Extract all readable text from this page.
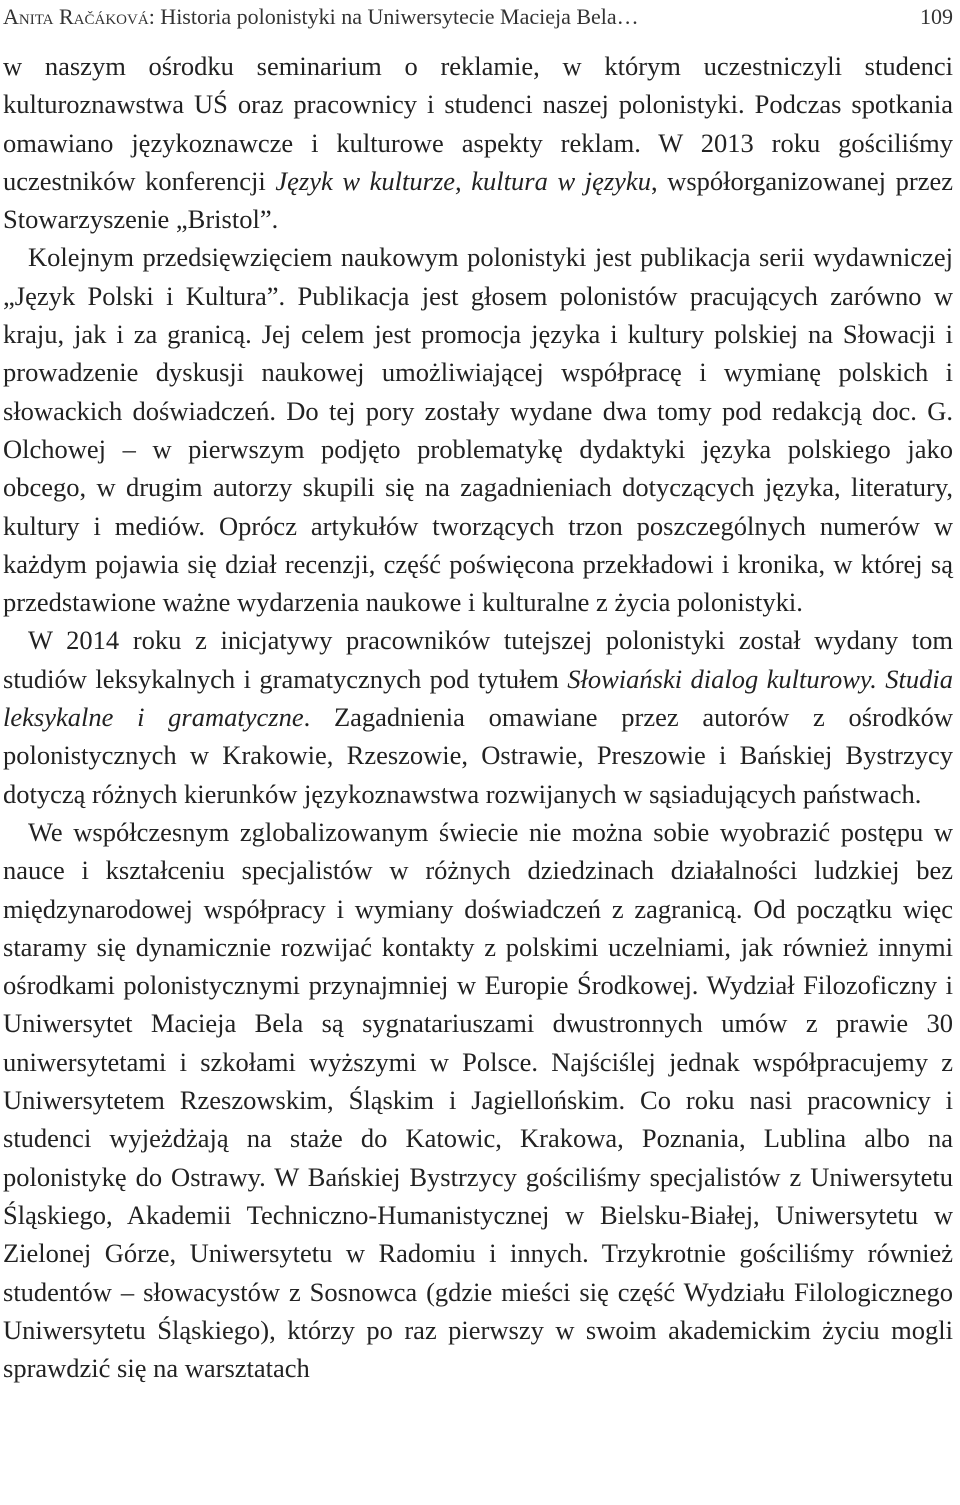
Anita Račáková: Historia polonistyki na Uniwersytecie Macieja Bela…	109

w naszym ośrodku seminarium o reklamie, w którym uczestniczyli studenci kulturoznawstwa UŚ oraz pracownicy i studenci naszej polonistyki. Podczas spotkania omawiano językoznawcze i kulturowe aspekty reklam. W 2013 roku gościliśmy uczestników konferencji Język w kulturze, kultura w języku, współorganizowanej przez Stowarzyszenie „Bristol”.

Kolejnym przedsięwzięciem naukowym polonistyki jest publikacja serii wydawniczej „Język Polski i Kultura”. Publikacja jest głosem polonistów pracujących zarówno w kraju, jak i za granicą. Jej celem jest promocja języka i kultury polskiej na Słowacji i prowadzenie dyskusji naukowej umożliwiającej współpracę i wymianę polskich i słowackich doświadczeń. Do tej pory zostały wydane dwa tomy pod redakcją doc. G. Olchowej – w pierwszym podjęto problematykę dydaktyki języka polskiego jako obcego, w drugim autorzy skupili się na zagadnieniach dotyczących języka, literatury, kultury i mediów. Oprócz artykułów tworzących trzon poszczególnych numerów w każdym pojawia się dział recenzji, część poświęcona przekładowi i kronika, w której są przedstawione ważne wydarzenia naukowe i kulturalne z życia polonistyki.

W 2014 roku z inicjatywy pracowników tutejszej polonistyki został wydany tom studiów leksykalnych i gramatycznych pod tytułem Słowiański dialog kulturowy. Studia leksykalne i gramatyczne. Zagadnienia omawiane przez autorów z ośrodków polonistycznych w Krakowie, Rzeszowie, Ostrawie, Preszowie i Bańskiej Bystrzycy dotyczą różnych kierunków językoznawstwa rozwijanych w sąsiadujących państwach.

We współczesnym zglobalizowanym świecie nie można sobie wyobrazić postępu w nauce i kształceniu specjalistów w różnych dziedzinach działalności ludzkiej bez międzynarodowej współpracy i wymiany doświadczeń z zagranicą. Od początku więc staramy się dynamicznie rozwijać kontakty z polskimi uczelniami, jak również innymi ośrodkami polonistycznymi przynajmniej w Europie Środkowej. Wydział Filozoficzny i Uniwersytet Macieja Bela są sygnatariuszami dwustronnych umów z prawie 30 uniwersytetami i szkołami wyższymi w Polsce. Najściślej jednak współpracujemy z Uniwersytetem Rzeszowskim, Śląskim i Jagiellońskim. Co roku nasi pracownicy i studenci wyjeżdżają na staże do Katowic, Krakowa, Poznania, Lublina albo na polonistykę do Ostrawy. W Bańskiej Bystrzycy gościliśmy specjalistów z Uniwersytetu Śląskiego, Akademii Techniczno-Humanistycznej w Bielsku-Białej, Uniwersytetu w Zielonej Górze, Uniwersytetu w Radomiu i innych. Trzykrotnie gościliśmy również studentów – słowacystów z Sosnowca (gdzie mieści się część Wydziału Filologicznego Uniwersytetu Śląskiego), którzy po raz pierwszy w swoim akademickim życiu mogli sprawdzić się na warsztatach
